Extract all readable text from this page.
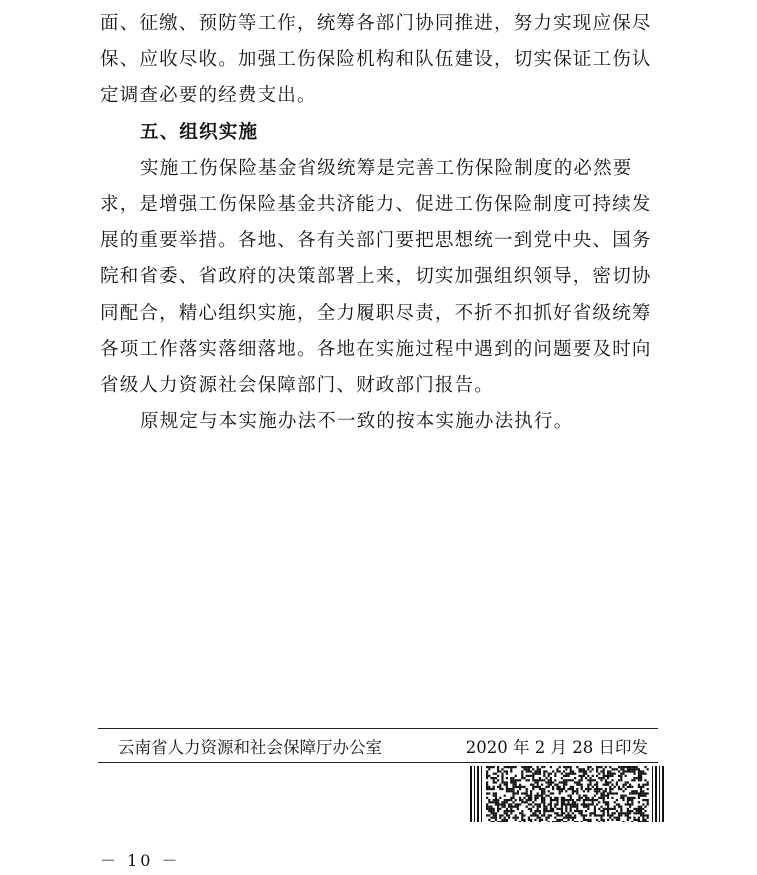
面、征缴、预防等工作，统筹各部门协同推进，努力实现应保尽
保、应收尽收。加强工伤保险机构和队伍建设，切实保证工伤认
定调查必要的经费支出。
五、组织实施
实施工伤保险基金省级统筹是完善工伤保险制度的必然要
求，是增强工伤保险基金共济能力、促进工伤保险制度可持续发
展的重要举措。各地、各有关部门要把思想统一到党中央、国务
院和省委、省政府的决策部署上来，切实加强组织领导，密切协
同配合，精心组织实施，全力履职尽责，不折不扣抓好省级统筹
各项工作落实落细落地。各地在实施过程中遇到的问题要及时向
省级人力资源社会保障部门、财政部门报告。
原规定与本实施办法不一致的按本实施办法执行。
云南省人力资源和社会保障厅办公室	2020 年 2 月 28 日印发
－ 10 －
